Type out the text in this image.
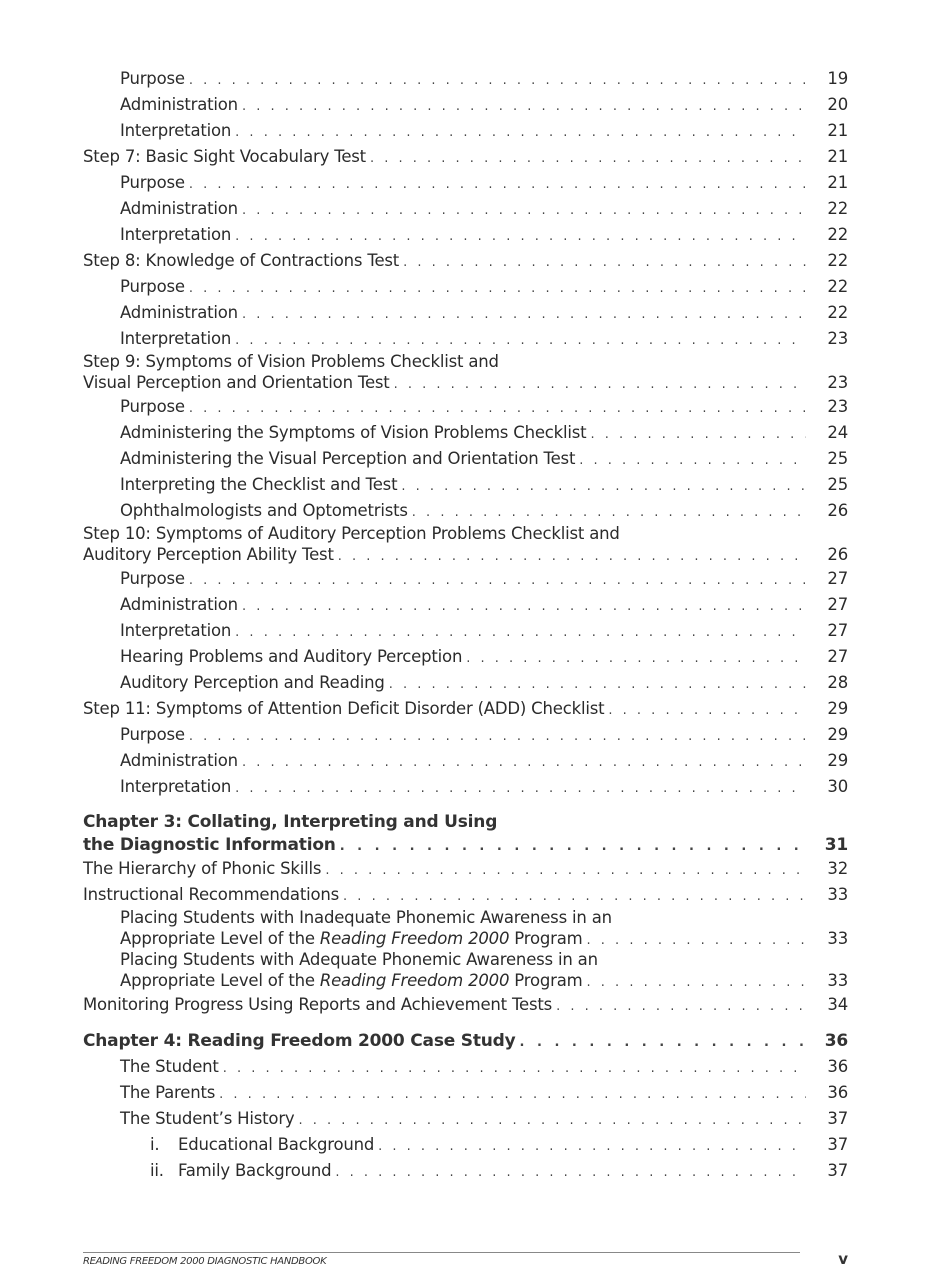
Purpose . . .	19
Administration . . .	20
Interpretation . . .	21
Step 7: Basic Sight Vocabulary Test . . .	21
Purpose . . .	21
Administration . . .	22
Interpretation . . .	22
Step 8: Knowledge of Contractions Test . . .	22
Purpose . . .	22
Administration . . .	22
Interpretation . . .	23
Step 9: Symptoms of Vision Problems Checklist and
Visual Perception and Orientation Test . . .	23
Purpose . . .	23
Administering the Symptoms of Vision Problems Checklist . . .	24
Administering the Visual Perception and Orientation Test . . .	25
Interpreting the Checklist and Test . . .	25
Ophthalmologists and Optometrists . . .	26
Step 10: Symptoms of Auditory Perception Problems Checklist and
Auditory Perception Ability Test . . .	26
Purpose . . .	27
Administration . . .	27
Interpretation . . .	27
Hearing Problems and Auditory Perception . . .	27
Auditory Perception and Reading . . .	28
Step 11: Symptoms of Attention Deficit Disorder (ADD) Checklist . . .	29
Purpose . . .	29
Administration . . .	29
Interpretation . . .	30
Chapter 3: Collating, Interpreting and Using
the Diagnostic Information . . .	31
The Hierarchy of Phonic Skills . . .	32
Instructional Recommendations . . .	33
Placing Students with Inadequate Phonemic Awareness in an
Appropriate Level of the Reading Freedom 2000 Program . . .	33
Placing Students with Adequate Phonemic Awareness in an
Appropriate Level of the Reading Freedom 2000 Program . . .	33
Monitoring Progress Using Reports and Achievement Tests . . .	34
Chapter 4: Reading Freedom 2000 Case Study . . .	36
The Student . . .	36
The Parents . . .	36
The Student’s History . . .	37
i. Educational Background . . .	37
ii. Family Background . . .	37
READING FREEDOM 2000 DIAGNOSTIC HANDBOOK	v
